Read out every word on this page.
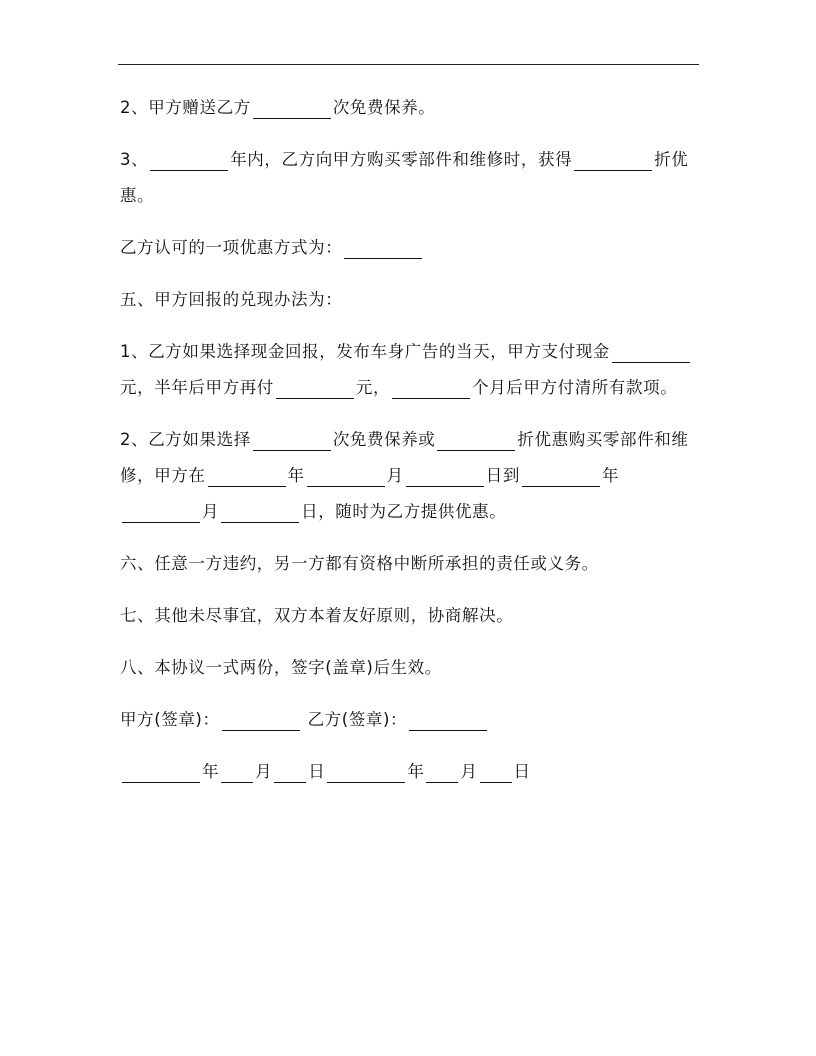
2、甲方赠送乙方	次免费保养。

3、	年内，乙方向甲方购买零部件和维修时，获得	折优惠。

乙方认可的一项优惠方式为：

五、甲方回报的兑现办法为：

1、乙方如果选择现金回报，发布车身广告的当天，甲方支付现金元，半年后甲方再付	元，	个月后甲方付清所有款项。

2、乙方如果选择	次免费保养或	折优惠购买零部件和维修，甲方在	年	月	日到	年月	日，随时为乙方提供优惠。

六、任意一方违约，另一方都有资格中断所承担的责任或义务。

七、其他未尽事宜，双方本着友好原则，协商解决。

八、本协议一式两份，签字(盖章)后生效。

甲方(签章)：	乙方(签章)：

年 月 日	年 月 日
